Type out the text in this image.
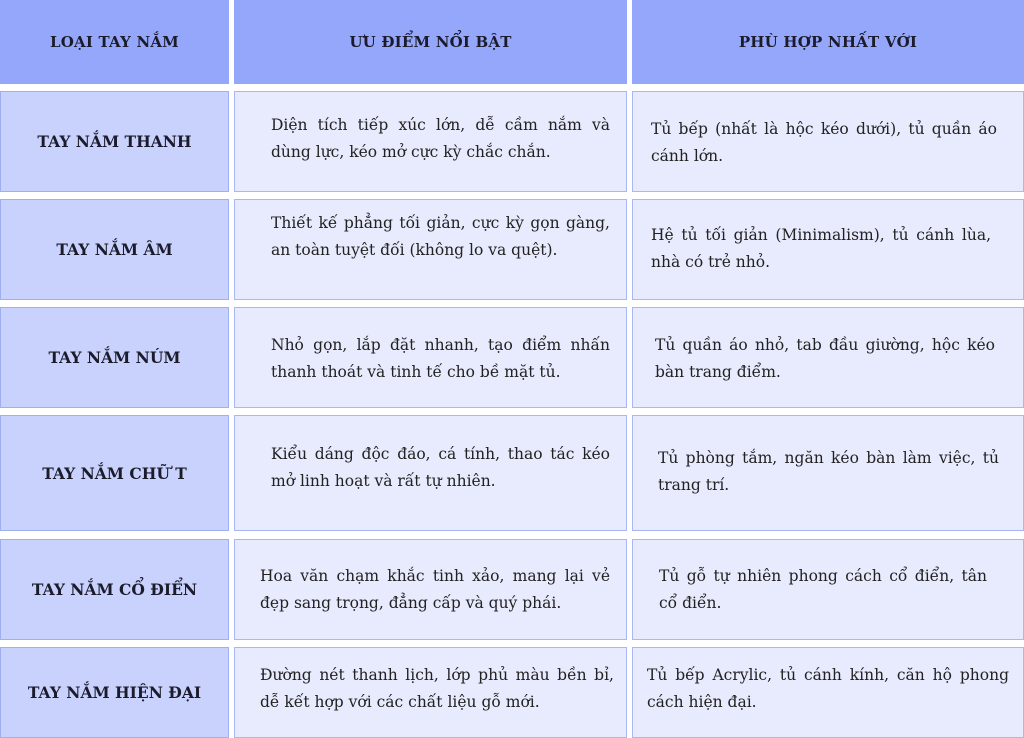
LOẠI TAY NẮM	ƯU ĐIỂM NỔI BẬT	PHÙ HỢP NHẤT VỚI
TAY NẮM THANH
Diện tích tiếp xúc lớn, dễ cầm nắm và dùng lực, kéo mở cực kỳ chắc chắn.
Tủ bếp (nhất là hộc kéo dưới), tủ quần áo cánh lớn.
TAY NẮM ÂM
Thiết kế phẳng tối giản, cực kỳ gọn gàng, an toàn tuyệt đối (không lo va quệt).
Hệ tủ tối giản (Minimalism), tủ cánh lùa, nhà có trẻ nhỏ.
TAY NẮM NÚM
Nhỏ gọn, lắp đặt nhanh, tạo điểm nhấn thanh thoát và tinh tế cho bề mặt tủ.
Tủ quần áo nhỏ, tab đầu giường, hộc kéo bàn trang điểm.
TAY NẮM CHỮ T
Kiểu dáng độc đáo, cá tính, thao tác kéo mở linh hoạt và rất tự nhiên.
Tủ phòng tắm, ngăn kéo bàn làm việc, tủ trang trí.
TAY NẮM CỔ ĐIỂN
Hoa văn chạm khắc tinh xảo, mang lại vẻ đẹp sang trọng, đẳng cấp và quý phái.
Tủ gỗ tự nhiên phong cách cổ điển, tân cổ điển.
TAY NẮM HIỆN ĐẠI
Đường nét thanh lịch, lớp phủ màu bền bỉ, dễ kết hợp với các chất liệu gỗ mới.
Tủ bếp Acrylic, tủ cánh kính, căn hộ phong cách hiện đại.
